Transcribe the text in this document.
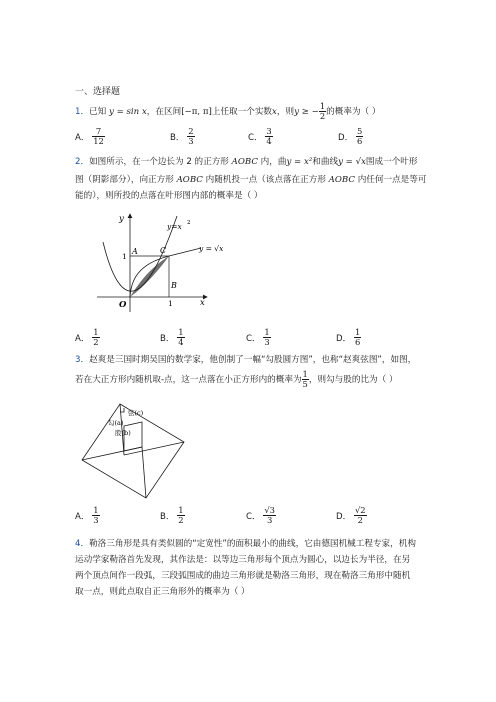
一、选择题
1．已知 y = sin x，在区间[−π, π]上任取一个实数x，则y ≥ − $\frac{1}{2}$ 的概率为（ ）
A． $\frac{7}{12}$	B． $\frac{2}{3}$	C． $\frac{3}{4}$	D． $\frac{5}{6}$
2．如图所示，在一个边长为 2 的正方形 AOBC 内，曲y = x²和曲线y = √x围成一个叶形
图（阴影部分），向正方形 AOBC 内随机投一点（该点落在正方形 AOBC 内任何一点是等可
能的），则所投的点落在叶形图内部的概率是（ ）
y
x
O
A	C
B
1
1
y=x 2
y = √x
A． $\frac{1}{2}$	B． $\frac{1}{4}$	C． $\frac{1}{3}$	D． $\frac{1}{6}$
3．赵爽是三国时期吴国的数学家，他创制了一幅“勾股圆方图”，也称“赵爽弦图”，如图，
若在大正方形内随机取-点，这一点落在小正方形内的概率为 $\frac{1}{5}$ ，则勾与股的比为（ ）
弦(c)
勾(a)
股(b)
A． $\frac{1}{3}$	B． $\frac{1}{2}$	C． $\frac{√3}{3}$	D． $\frac{√2}{2}$
4．勒洛三角形是具有类似圆的“定宽性”的面积最小的曲线，它由德国机械工程专家，机构
运动学家勒洛首先发现，其作法是：以等边三角形每个顶点为圆心，以边长为半径，在另
两个顶点间作一段弧，三段弧围成的曲边三角形就是勒洛三角形，现在勒洛三角形中随机
取一点，则此点取自正三角形外的概率为（ ）
